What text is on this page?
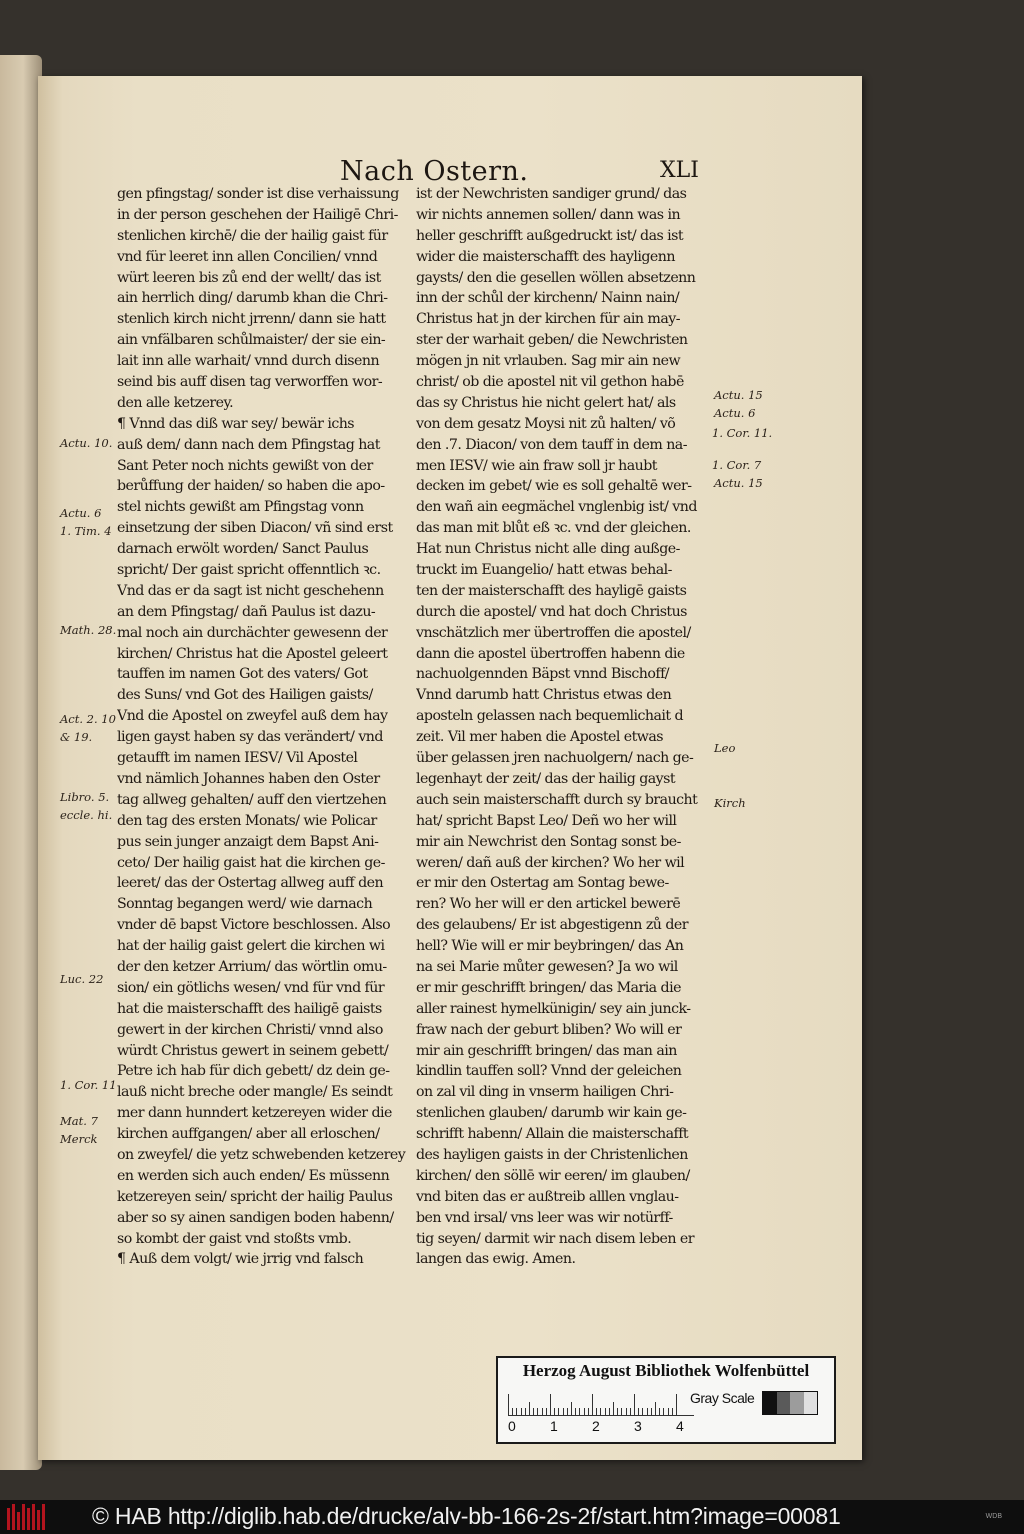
Nach Ostern.	XLI
gen pfingstag/ sonder ist dise verhaissung
in der person geschehen der Hailigē Chri-
stenlichen kirchē/ die der hailig gaist für
vnd für leeret inn allen Concilien/ vnnd
würt leeren bis zů end der wellt/ das ist
ain herrlich ding/ darumb khan die Chri-
stenlich kirch nicht jrrenn/ dann sie hatt
ain vnfälbaren schůlmaister/ der sie ein-
lait inn alle warhait/ vnnd durch disenn
seind bis auff disen tag verworffen wor-
den alle ketzerey.
¶ Vnnd das diß war sey/ bewär ichs
auß dem/ dann nach dem Pfingstag hat
Sant Peter noch nichts gewißt von der
berůffung der haiden/ so haben die apo-
stel nichts gewißt am Pfingstag vonn
einsetzung der siben Diacon/ vñ sind erst
darnach erwölt worden/ Sanct Paulus
spricht/ Der gaist spricht offenntlich ꝛc.
Vnd das er da sagt ist nicht geschehenn
an dem Pfingstag/ dañ Paulus ist dazu-
mal noch ain durchächter gewesenn der
kirchen/ Christus hat die Apostel geleert
tauffen im namen Got des vaters/ Got
des Suns/ vnd Got des Hailigen gaists/
Vnd die Apostel on zweyfel auß dem hay
ligen gayst haben sy das verändert/ vnd
getaufft im namen IESV/ Vil Apostel
vnd nämlich Johannes haben den Oster
tag allweg gehalten/ auff den viertzehen
den tag des ersten Monats/ wie Policar
pus sein junger anzaigt dem Bapst Ani-
ceto/ Der hailig gaist hat die kirchen ge-
leeret/ das der Ostertag allweg auff den
Sonntag begangen werd/ wie darnach
vnder dē bapst Victore beschlossen. Also
hat der hailig gaist gelert die kirchen wi
der den ketzer Arrium/ das wörtlin omu-
sion/ ein götlichs wesen/ vnd für vnd für
hat die maisterschafft des hailigē gaists
gewert in der kirchen Christi/ vnnd also
würdt Christus gewert in seinem gebett/
Petre ich hab für dich gebett/ dz dein ge-
lauß nicht breche oder mangle/ Es seindt
mer dann hunndert ketzereyen wider die
kirchen auffgangen/ aber all erloschen/
on zweyfel/ die yetz schwebenden ketzerey
en werden sich auch enden/ Es müssenn
ketzereyen sein/ spricht der hailig Paulus
aber so sy ainen sandigen boden habenn/
so kombt der gaist vnd stoßts vmb.
¶ Auß dem volgt/ wie jrrig vnd falsch
ist der Newchristen sandiger grund/ das
wir nichts annemen sollen/ dann was in
heller geschrifft außgedruckt ist/ das ist
wider die maisterschafft des hayligenn
gaysts/ den die gesellen wöllen absetzenn
inn der schůl der kirchenn/ Nainn nain/
Christus hat jn der kirchen für ain may-
ster der warhait geben/ die Newchristen
mögen jn nit vrlauben. Sag mir ain new
christ/ ob die apostel nit vil gethon habē
das sy Christus hie nicht gelert hat/ als
von dem gesatz Moysi nit zů halten/ võ
den .7. Diacon/ von dem tauff in dem na-
men IESV/ wie ain fraw soll jr haubt
decken im gebet/ wie es soll gehaltē wer-
den wañ ain eegmächel vnglenbig ist/ vnd
das man mit blůt eß ꝛc. vnd der gleichen.
Hat nun Christus nicht alle ding außge-
truckt im Euangelio/ hatt etwas behal-
ten der maisterschafft des hayligē gaists
durch die apostel/ vnd hat doch Christus
vnschätzlich mer übertroffen die apostel/
dann die apostel übertroffen habenn die
nachuolgennden Bäpst vnnd Bischoff/
Vnnd darumb hatt Christus etwas den
aposteln gelassen nach bequemlichait d
zeit. Vil mer haben die Apostel etwas
über gelassen jren nachuolgern/ nach ge-
legenhayt der zeit/ das der hailig gayst
auch sein maisterschafft durch sy braucht
hat/ spricht Bapst Leo/ Deñ wo her will
mir ain Newchrist den Sontag sonst be-
weren/ dañ auß der kirchen? Wo her wil
er mir den Ostertag am Sontag bewe-
ren? Wo her will er den artickel bewerē
des gelaubens/ Er ist abgestigenn zů der
hell? Wie will er mir beybringen/ das An
na sei Marie můter gewesen? Ja wo wil
er mir geschrifft bringen/ das Maria die
aller rainest hymelkünigin/ sey ain junck-
fraw nach der geburt bliben? Wo will er
mir ain geschrifft bringen/ das man ain
kindlin tauffen soll? Vnnd der geleichen
on zal vil ding in vnserm hailigen Chri-
stenlichen glauben/ darumb wir kain ge-
schrifft habenn/ Allain die maisterschafft
des hayligen gaists in der Christenlichen
kirchen/ den söllē wir eeren/ im glauben/
vnd biten das er außtreib alllen vnglau-
ben vnd irsal/ vns leer was wir notürff-
tig seyen/ darmit wir nach disem leben er
langen das ewig. Amen.
Actu. 10.
Actu. 6
1. Tim. 4
Math. 28.
Act. 2. 10
& 19.
Libro. 5.
eccle. hi.
Luc. 22
1. Cor. 11
Mat. 7
Merck
Actu. 15
Actu. 6
1. Cor. 11.
1. Cor. 7
Actu. 15
Leo
Kirch
Herzog August Bibliothek Wolfenbüttel
0 1 2 3 4
Gray Scale
© HAB http://diglib.hab.de/drucke/alv-bb-166-2s-2f/start.htm?image=00081	WDB
